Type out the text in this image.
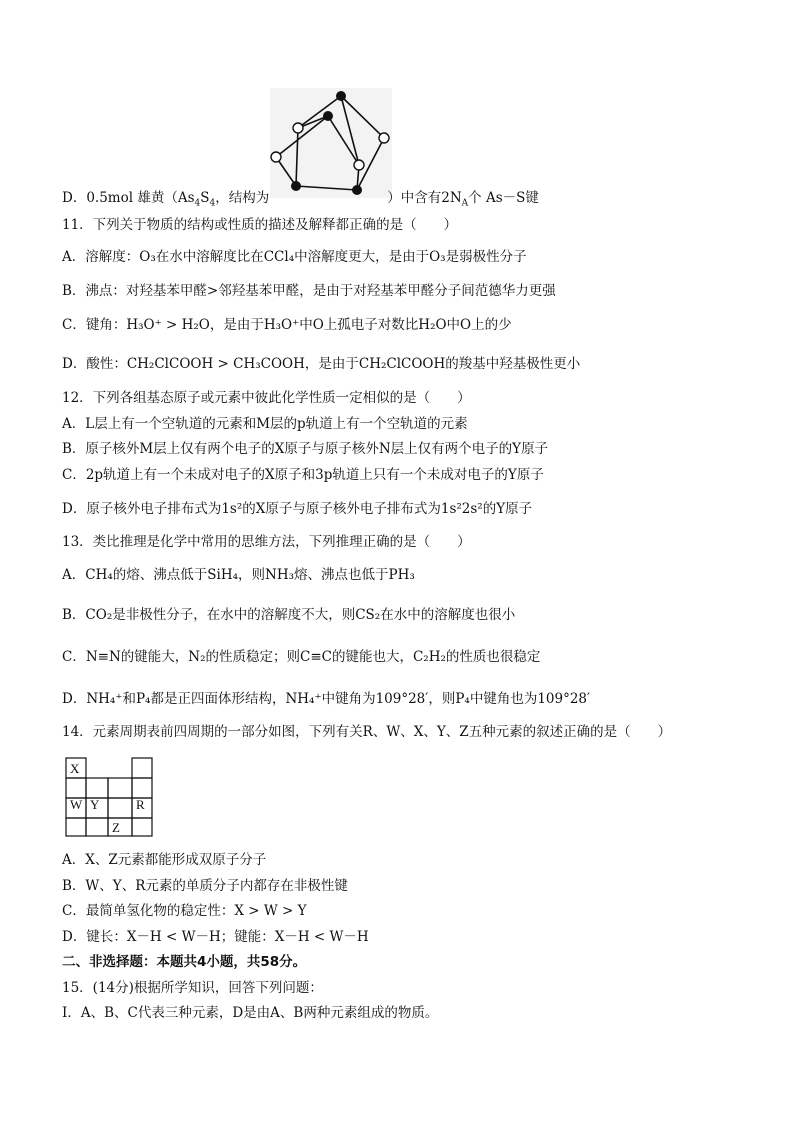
D．0.5mol 雄黄（$As_4S_4$，结构为	）中含有$2N_A$个 As－S键
11．下列关于物质的结构或性质的描述及解释都正确的是（　　）
A．溶解度：O₃在水中溶解度比在CCl₄中溶解度更大，是由于O₃是弱极性分子
B．沸点：对羟基苯甲醛>邻羟基苯甲醛，是由于对羟基苯甲醛分子间范德华力更强
C．键角：H₃O⁺ > H₂O，是由于H₃O⁺中O上孤电子对数比H₂O中O上的少
D．酸性：CH₂ClCOOH > CH₃COOH，是由于CH₂ClCOOH的羧基中羟基极性更小
12．下列各组基态原子或元素中彼此化学性质一定相似的是（　　）
A．L层上有一个空轨道的元素和M层的p轨道上有一个空轨道的元素
B．原子核外M层上仅有两个电子的X原子与原子核外N层上仅有两个电子的Y原子
C．2p轨道上有一个未成对电子的X原子和3p轨道上只有一个未成对电子的Y原子
D．原子核外电子排布式为1s²的X原子与原子核外电子排布式为1s²2s²的Y原子
13．类比推理是化学中常用的思维方法，下列推理正确的是（　　）
A．CH₄的熔、沸点低于SiH₄，则NH₃熔、沸点也低于PH₃
B．CO₂是非极性分子，在水中的溶解度不大，则CS₂在水中的溶解度也很小
C．N≡N的键能大，N₂的性质稳定；则C≡C的键能也大，C₂H₂的性质也很稳定
D．NH₄⁺和P₄都是正四面体形结构，NH₄⁺中键角为109°28′，则P₄中键角也为109°28′
14．元素周期表前四周期的一部分如图，下列有关R、W、X、Y、Z五种元素的叙述正确的是（　　）
X
W Y	R
Z
A．X、Z元素都能形成双原子分子
B．W、Y、R元素的单质分子内都存在非极性键
C．最简单氢化物的稳定性：X > W > Y
D．键长：X－H < W－H；键能：X－H < W－H
二、非选择题：本题共4小题，共58分。
15．(14分)根据所学知识，回答下列问题：
Ⅰ．A、B、C代表三种元素，D是由A、B两种元素组成的物质。
